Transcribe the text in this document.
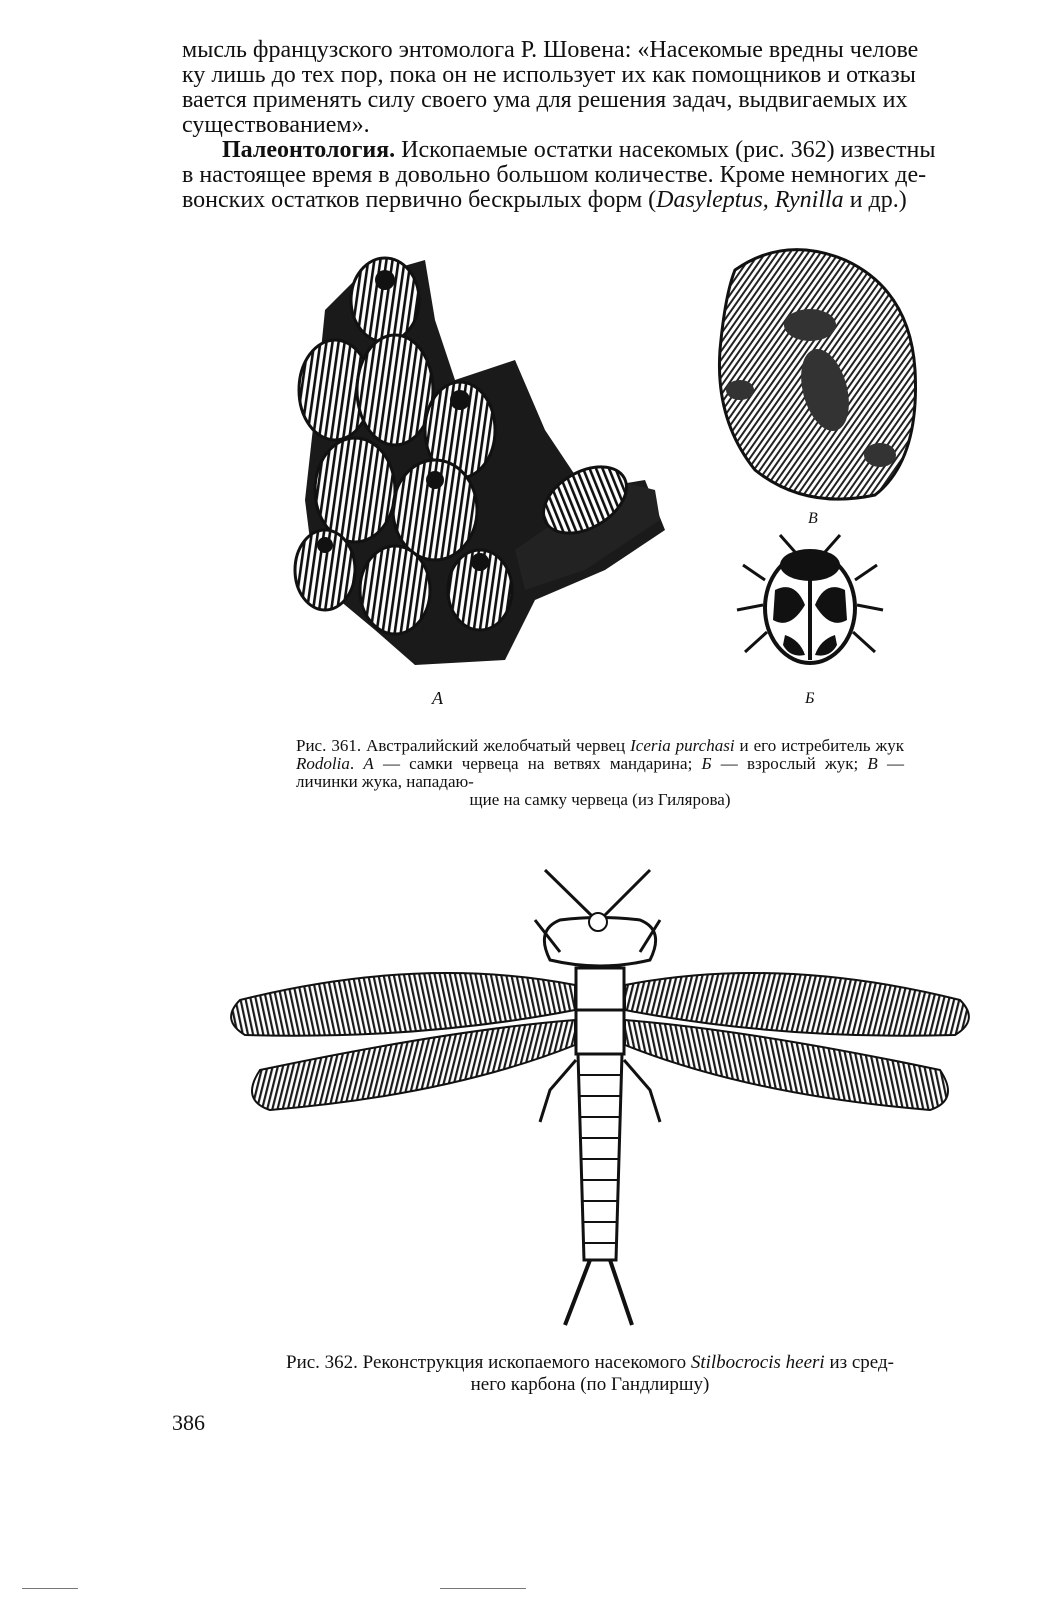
мысль французского энтомолога Р. Шовена: «Насекомые вредны челове

ку лишь до тех пор, пока он не использует их как помощников и отказы

вается применять силу своего ума для решения задач, выдвигаемых их

существованием».

Палеонтология. Ископаемые остатки насекомых (рис. 362) известны

в настоящее время в довольно большом количестве. Кроме немногих де-

вонских остатков первично бескрылых форм (Dasyleptus, Rynilla и др.)

А	Б
В
Рис. 361. Австралийский желобчатый червец Iceria purchasi и его истребитель жук Rodolia. А — самки червеца на ветвях мандарина; Б — взрослый жук; В — личинки жука, нападаю-
щие на самку червеца (из Гилярова)
Рис. 362. Реконструкция ископаемого насекомого Stilbocrocis heeri из сред-
него карбона (по Гандлиршу)
386
